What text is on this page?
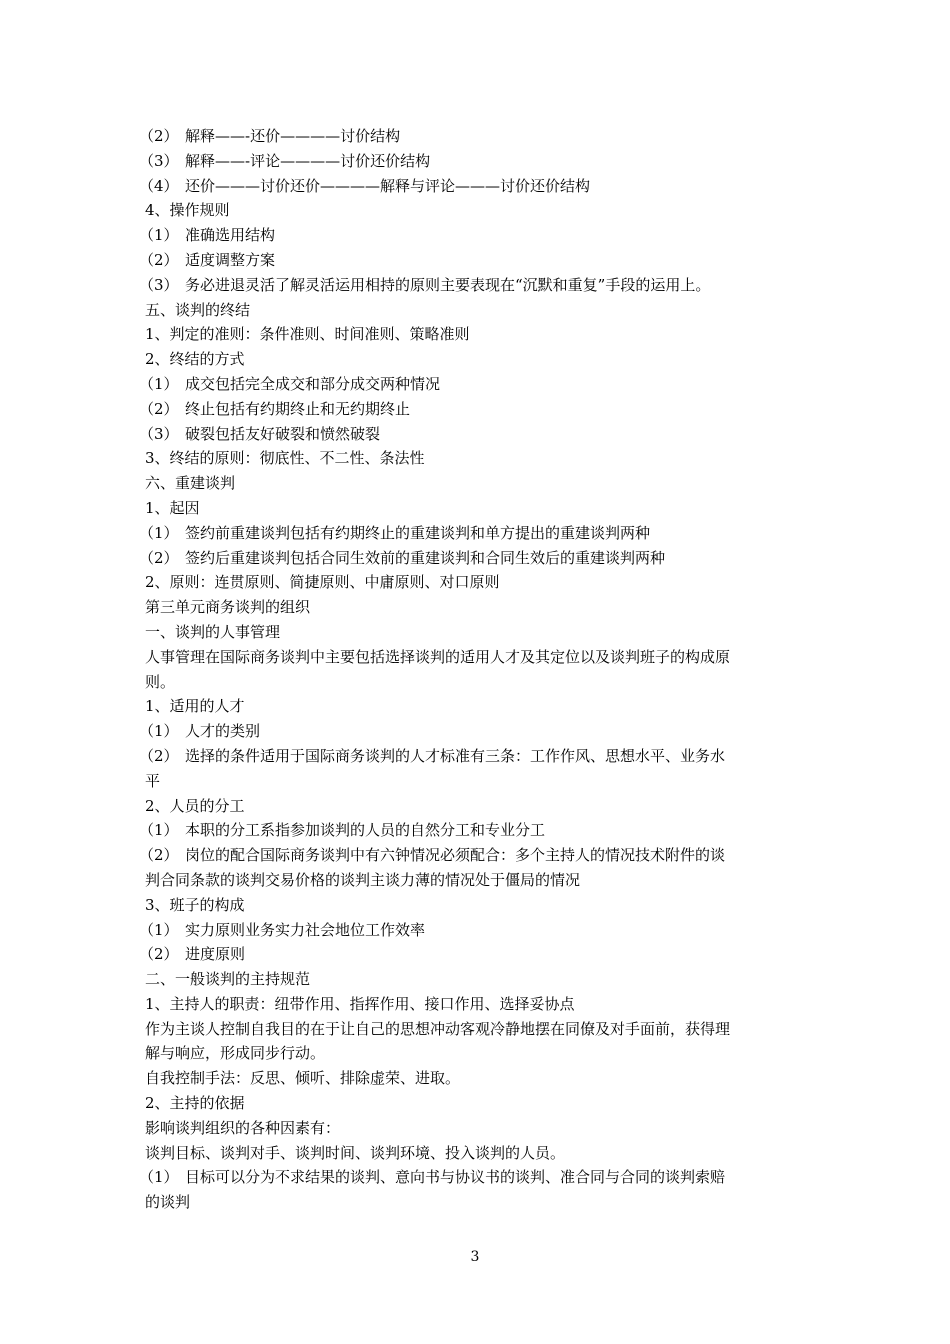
（2） 解释——-还价————讨价结构
（3） 解释——-评论————讨价还价结构
（4） 还价———讨价还价————解释与评论———讨价还价结构
4、操作规则
（1） 准确选用结构
（2） 适度调整方案
（3） 务必进退灵活了解灵活运用相持的原则主要表现在“沉默和重复”手段的运用上。
五、谈判的终结
1、判定的准则：条件准则、时间准则、策略准则
2、终结的方式
（1） 成交包括完全成交和部分成交两种情况
（2） 终止包括有约期终止和无约期终止
（3） 破裂包括友好破裂和愤然破裂
3、终结的原则：彻底性、不二性、条法性
六、重建谈判
1、起因
（1） 签约前重建谈判包括有约期终止的重建谈判和单方提出的重建谈判两种
（2） 签约后重建谈判包括合同生效前的重建谈判和合同生效后的重建谈判两种
2、原则：连贯原则、简捷原则、中庸原则、对口原则
第三单元商务谈判的组织
一、谈判的人事管理
人事管理在国际商务谈判中主要包括选择谈判的适用人才及其定位以及谈判班子的构成原
则。
1、适用的人才
（1） 人才的类别
（2） 选择的条件适用于国际商务谈判的人才标准有三条：工作作风、思想水平、业务水
平
2、人员的分工
（1） 本职的分工系指参加谈判的人员的自然分工和专业分工
（2） 岗位的配合国际商务谈判中有六钟情况必须配合：多个主持人的情况技术附件的谈
判合同条款的谈判交易价格的谈判主谈力薄的情况处于僵局的情况
3、班子的构成
（1） 实力原则业务实力社会地位工作效率
（2） 进度原则
二、一般谈判的主持规范
1、主持人的职责：纽带作用、指挥作用、接口作用、选择妥协点
作为主谈人控制自我目的在于让自己的思想冲动客观冷静地摆在同僚及对手面前，获得理
解与响应，形成同步行动。
自我控制手法：反思、倾听、排除虚荣、进取。
2、主持的依据
影响谈判组织的各种因素有：
谈判目标、谈判对手、谈判时间、谈判环境、投入谈判的人员。
（1） 目标可以分为不求结果的谈判、意向书与协议书的谈判、准合同与合同的谈判索赔
的谈判
3
